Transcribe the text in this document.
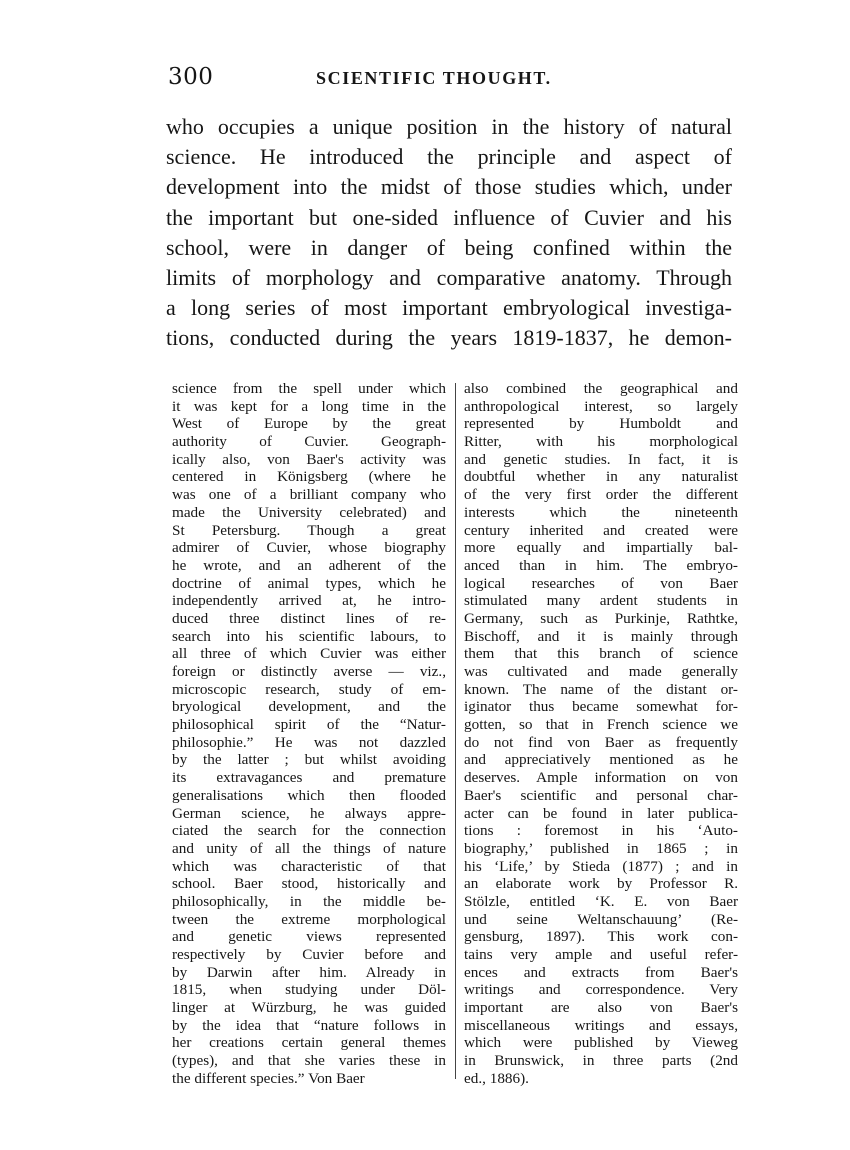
300	SCIENTIFIC THOUGHT.
who occupies a unique position in the history of natural
science. He introduced the principle and aspect of
development into the midst of those studies which, under
the important but one-sided influence of Cuvier and his
school, were in danger of being confined within the
limits of morphology and comparative anatomy. Through
a long series of most important embryological investiga-
tions, conducted during the years 1819-1837, he demon-
science from the spell under which
it was kept for a long time in the
West of Europe by the great
authority of Cuvier. Geograph-
ically also, von Baer's activity was
centered in Königsberg (where he
was one of a brilliant company who
made the University celebrated) and
St Petersburg. Though a great
admirer of Cuvier, whose biography
he wrote, and an adherent of the
doctrine of animal types, which he
independently arrived at, he intro-
duced three distinct lines of re-
search into his scientific labours, to
all three of which Cuvier was either
foreign or distinctly averse — viz.,
microscopic research, study of em-
bryological development, and the
philosophical spirit of the “Natur-
philosophie.” He was not dazzled
by the latter ; but whilst avoiding
its extravagances and premature
generalisations which then flooded
German science, he always appre-
ciated the search for the connection
and unity of all the things of nature
which was characteristic of that
school. Baer stood, historically and
philosophically, in the middle be-
tween the extreme morphological
and genetic views represented
respectively by Cuvier before and
by Darwin after him. Already in
1815, when studying under Döl-
linger at Würzburg, he was guided
by the idea that “nature follows in
her creations certain general themes
(types), and that she varies these in
the different species.” Von Baer
also combined the geographical and
anthropological interest, so largely
represented by Humboldt and
Ritter, with his morphological
and genetic studies. In fact, it is
doubtful whether in any naturalist
of the very first order the different
interests which the nineteenth
century inherited and created were
more equally and impartially bal-
anced than in him. The embryo-
logical researches of von Baer
stimulated many ardent students in
Germany, such as Purkinje, Rathtke,
Bischoff, and it is mainly through
them that this branch of science
was cultivated and made generally
known. The name of the distant or-
iginator thus became somewhat for-
gotten, so that in French science we
do not find von Baer as frequently
and appreciatively mentioned as he
deserves. Ample information on von
Baer's scientific and personal char-
acter can be found in later publica-
tions : foremost in his ‘Auto-
biography,’ published in 1865 ; in
his ‘Life,’ by Stieda (1877) ; and in
an elaborate work by Professor R.
Stölzle, entitled ‘K. E. von Baer
und seine Weltanschauung’ (Re-
gensburg, 1897). This work con-
tains very ample and useful refer-
ences and extracts from Baer's
writings and correspondence. Very
important are also von Baer's
miscellaneous writings and essays,
which were published by Vieweg
in Brunswick, in three parts (2nd
ed., 1886).
